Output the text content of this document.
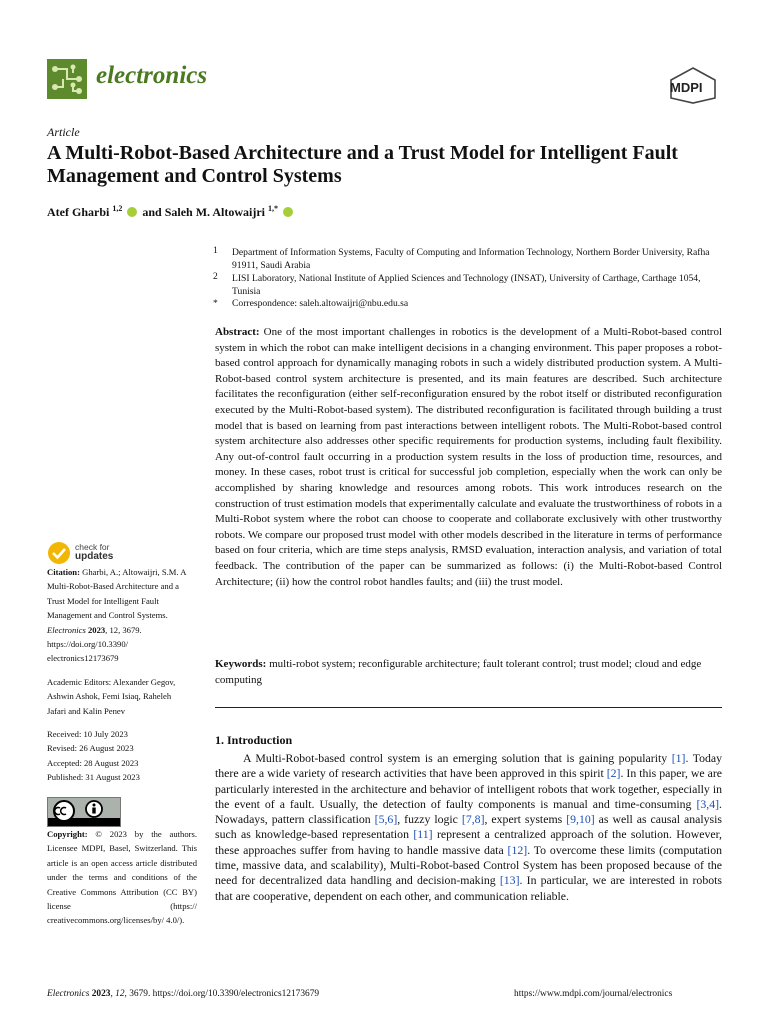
electronics	MDPI
Article
A Multi-Robot-Based Architecture and a Trust Model for Intelligent Fault Management and Control Systems
Atef Gharbi $^{1,2}$ and Saleh M. Altowaijri $^{1,*}$
1 Department of Information Systems, Faculty of Computing and Information Technology, Northern Border University, Rafha 91911, Saudi Arabia
2 LISI Laboratory, National Institute of Applied Sciences and Technology (INSAT), University of Carthage, Carthage 1054, Tunisia
* Correspondence: saleh.altowaijri@nbu.edu.sa
Abstract: One of the most important challenges in robotics is the development of a Multi-Robot-based control system in which the robot can make intelligent decisions in a changing environment. This paper proposes a robot-based control approach for dynamically managing robots in such a widely distributed production system. A Multi-Robot-based control system architecture is presented, and its main features are described. Such architecture facilitates the reconfiguration (either self-reconfiguration ensured by the robot itself or distributed reconfiguration executed by the Multi-Robot-based system). The distributed reconfiguration is facilitated through building a trust model that is based on learning from past interactions between intelligent robots. The Multi-Robot-based control system architecture also addresses other specific requirements for production systems, including fault flexibility. Any out-of-control fault occurring in a production system results in the loss of production time, resources, and money. In these cases, robot trust is critical for successful job completion, especially when the work can only be accomplished by sharing knowledge and resources among robots. This work introduces research on the construction of trust estimation models that experimentally calculate and evaluate the trustworthiness of robots in a Multi-Robot system where the robot can choose to cooperate and collaborate exclusively with other trustworthy robots. We compare our proposed trust model with other models described in the literature in terms of performance based on four criteria, which are time steps analysis, RMSD evaluation, interaction analysis, and variation of total feedback. The contribution of the paper can be summarized as follows: (i) the Multi-Robot-based Control Architecture; (ii) how the control robot handles faults; and (iii) the trust model.
Keywords: multi-robot system; reconfigurable architecture; fault tolerant control; trust model; cloud and edge computing
1. Introduction
A Multi-Robot-based control system is an emerging solution that is gaining popularity [1]. Today there are a wide variety of research activities that have been approved in this spirit [2]. In this paper, we are particularly interested in the architecture and behavior of intelligent robots that work together, especially in the event of a fault. Usually, the detection of faulty components is manual and time-consuming [3,4]. Nowadays, pattern classification [5,6], fuzzy logic [7,8], expert systems [9,10] as well as causal analysis such as knowledge-based representation [11] represent a centralized approach of the solution. However, these approaches suffer from having to handle massive data [12]. To overcome these limits (computation time, massive data, and scalability), Multi-Robot-based Control System has been proposed because of the need for decentralized data handling and decision-making [13]. In particular, we are interested in robots that are cooperative, dependent on each other, and communication reliable.
check for
updates
Citation: Gharbi, A.; Altowaijri, S.M. A Multi-Robot-Based Architecture and a Trust Model for Intelligent Fault Management and Control Systems. Electronics 2023, 12, 3679. https://doi.org/10.3390/ electronics12173679
Academic Editors: Alexander Gegov, Ashwin Ashok, Femi Isiaq, Raheleh Jafari and Kalin Penev
Received: 10 July 2023
Revised: 26 August 2023
Accepted: 28 August 2023
Published: 31 August 2023
Copyright: © 2023 by the authors. Licensee MDPI, Basel, Switzerland. This article is an open access article distributed under the terms and conditions of the Creative Commons Attribution (CC BY) license (https:// creativecommons.org/licenses/by/ 4.0/).
Electronics 2023, 12, 3679. https://doi.org/10.3390/electronics12173679	https://www.mdpi.com/journal/electronics
